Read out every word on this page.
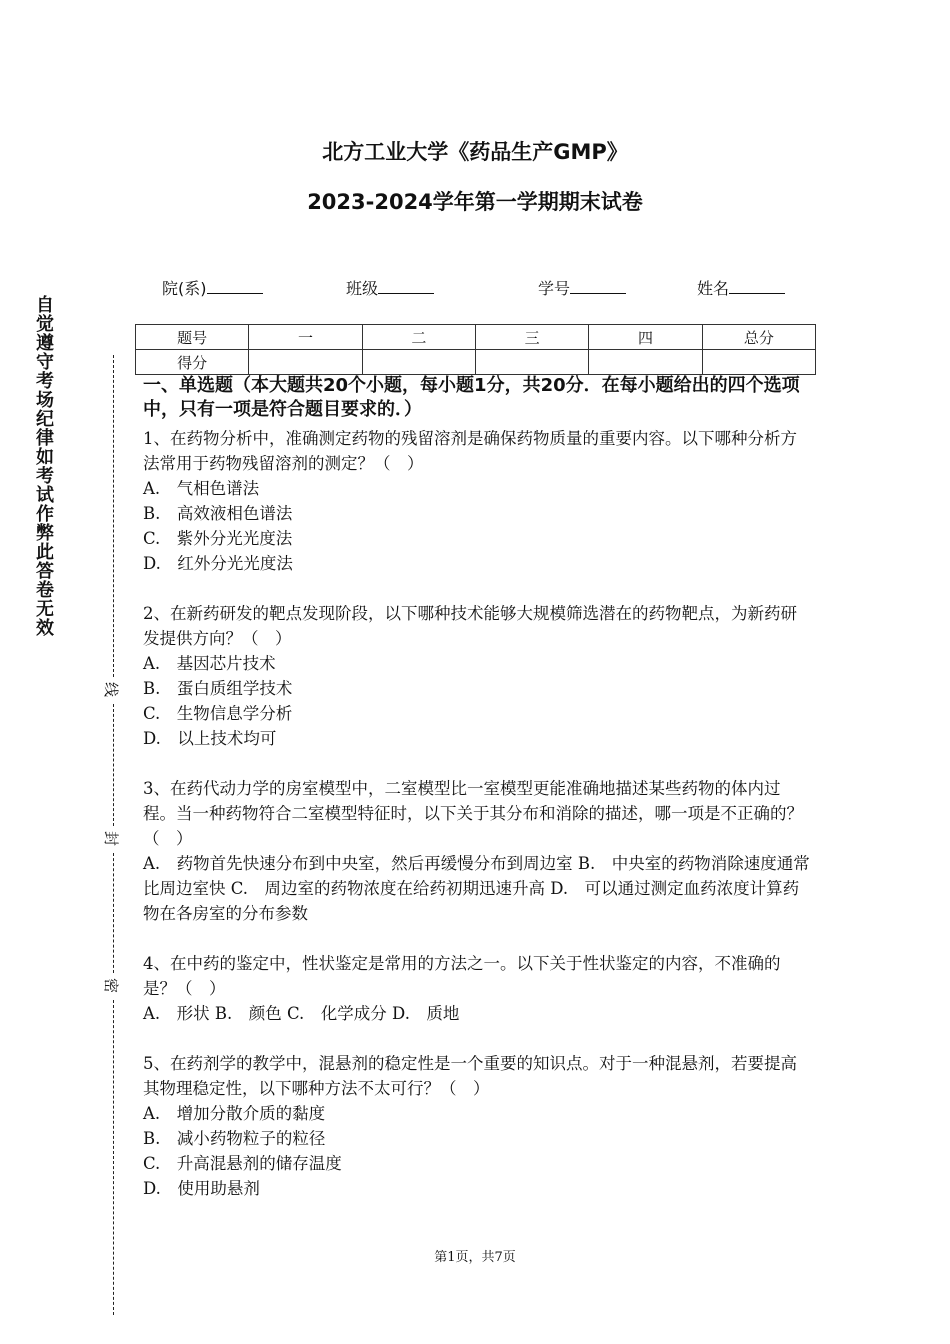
北方工业大学《药品生产GMP》
2023-2024学年第一学期期末试卷
院(系)	班级	学号	姓名
题号	一	二	三	四	总分
得分					
自觉遵守考场纪律如考试作弊此答卷无效
线
封
密
一、单选题（本大题共20个小题，每小题1分，共20分．在每小题给出的四个选项中，只有一项是符合题目要求的．）

1、在药物分析中，准确测定药物的残留溶剂是确保药物质量的重要内容。以下哪种分析方法常用于药物残留溶剂的测定？（　）

A.　气相色谱法

B.　高效液相色谱法

C.　紫外分光光度法

D.　红外分光光度法

2、在新药研发的靶点发现阶段，以下哪种技术能够大规模筛选潜在的药物靶点，为新药研发提供方向？（　）

A.　基因芯片技术

B.　蛋白质组学技术

C.　生物信息学分析

D.　以上技术均可

3、在药代动力学的房室模型中，二室模型比一室模型更能准确地描述某些药物的体内过程。当一种药物符合二室模型特征时，以下关于其分布和消除的描述，哪一项是不正确的？（　）

A.　药物首先快速分布到中央室，然后再缓慢分布到周边室 B.　中央室的药物消除速度通常比周边室快 C.　周边室的药物浓度在给药初期迅速升高 D.　可以通过测定血药浓度计算药物在各房室的分布参数

4、在中药的鉴定中，性状鉴定是常用的方法之一。以下关于性状鉴定的内容，不准确的是？（　）

A.　形状 B.　颜色 C.　化学成分 D.　质地

5、在药剂学的教学中，混悬剂的稳定性是一个重要的知识点。对于一种混悬剂，若要提高其物理稳定性，以下哪种方法不太可行？（　）

A.　增加分散介质的黏度

B.　减小药物粒子的粒径

C.　升高混悬剂的储存温度

D.　使用助悬剂

第1页，共7页
